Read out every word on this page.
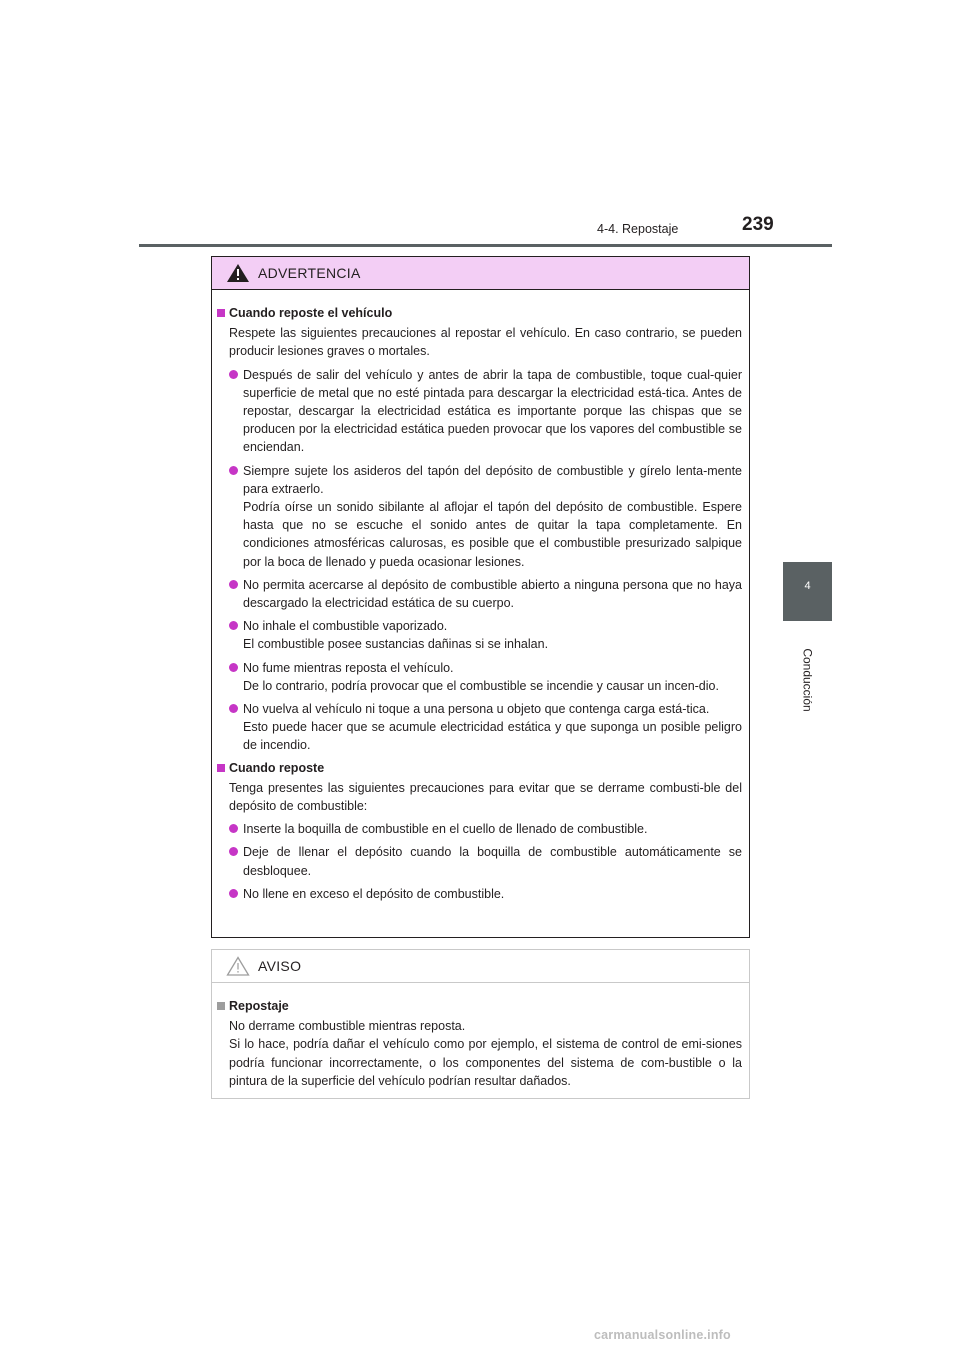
4-4. Repostaje	239
4
Conducción
ADVERTENCIA
Cuando reposte el vehículo
Respete las siguientes precauciones al repostar el vehículo. En caso contrario, se pueden producir lesiones graves o mortales.
Después de salir del vehículo y antes de abrir la tapa de combustible, toque cual-quier superficie de metal que no esté pintada para descargar la electricidad está-tica. Antes de repostar, descargar la electricidad estática es importante porque las chispas que se producen por la electricidad estática pueden provocar que los vapores del combustible se enciendan.
Siempre sujete los asideros del tapón del depósito de combustible y gírelo lenta-mente para extraerlo.
Podría oírse un sonido sibilante al aflojar el tapón del depósito de combustible. Espere hasta que no se escuche el sonido antes de quitar la tapa completamente. En condiciones atmosféricas calurosas, es posible que el combustible presurizado salpique por la boca de llenado y pueda ocasionar lesiones.
No permita acercarse al depósito de combustible abierto a ninguna persona que no haya descargado la electricidad estática de su cuerpo.
No inhale el combustible vaporizado.
El combustible posee sustancias dañinas si se inhalan.
No fume mientras reposta el vehículo.
De lo contrario, podría provocar que el combustible se incendie y causar un incen-dio.
No vuelva al vehículo ni toque a una persona u objeto que contenga carga está-tica.
Esto puede hacer que se acumule electricidad estática y que suponga un posible peligro de incendio.
Cuando reposte
Tenga presentes las siguientes precauciones para evitar que se derrame combusti-ble del depósito de combustible:
Inserte la boquilla de combustible en el cuello de llenado de combustible.
Deje de llenar el depósito cuando la boquilla de combustible automáticamente se desbloquee.
No llene en exceso el depósito de combustible.
AVISO
Repostaje
No derrame combustible mientras reposta.
Si lo hace, podría dañar el vehículo como por ejemplo, el sistema de control de emi-siones podría funcionar incorrectamente, o los componentes del sistema de com-bustible o la pintura de la superficie del vehículo podrían resultar dañados.
carmanualsonline.info
